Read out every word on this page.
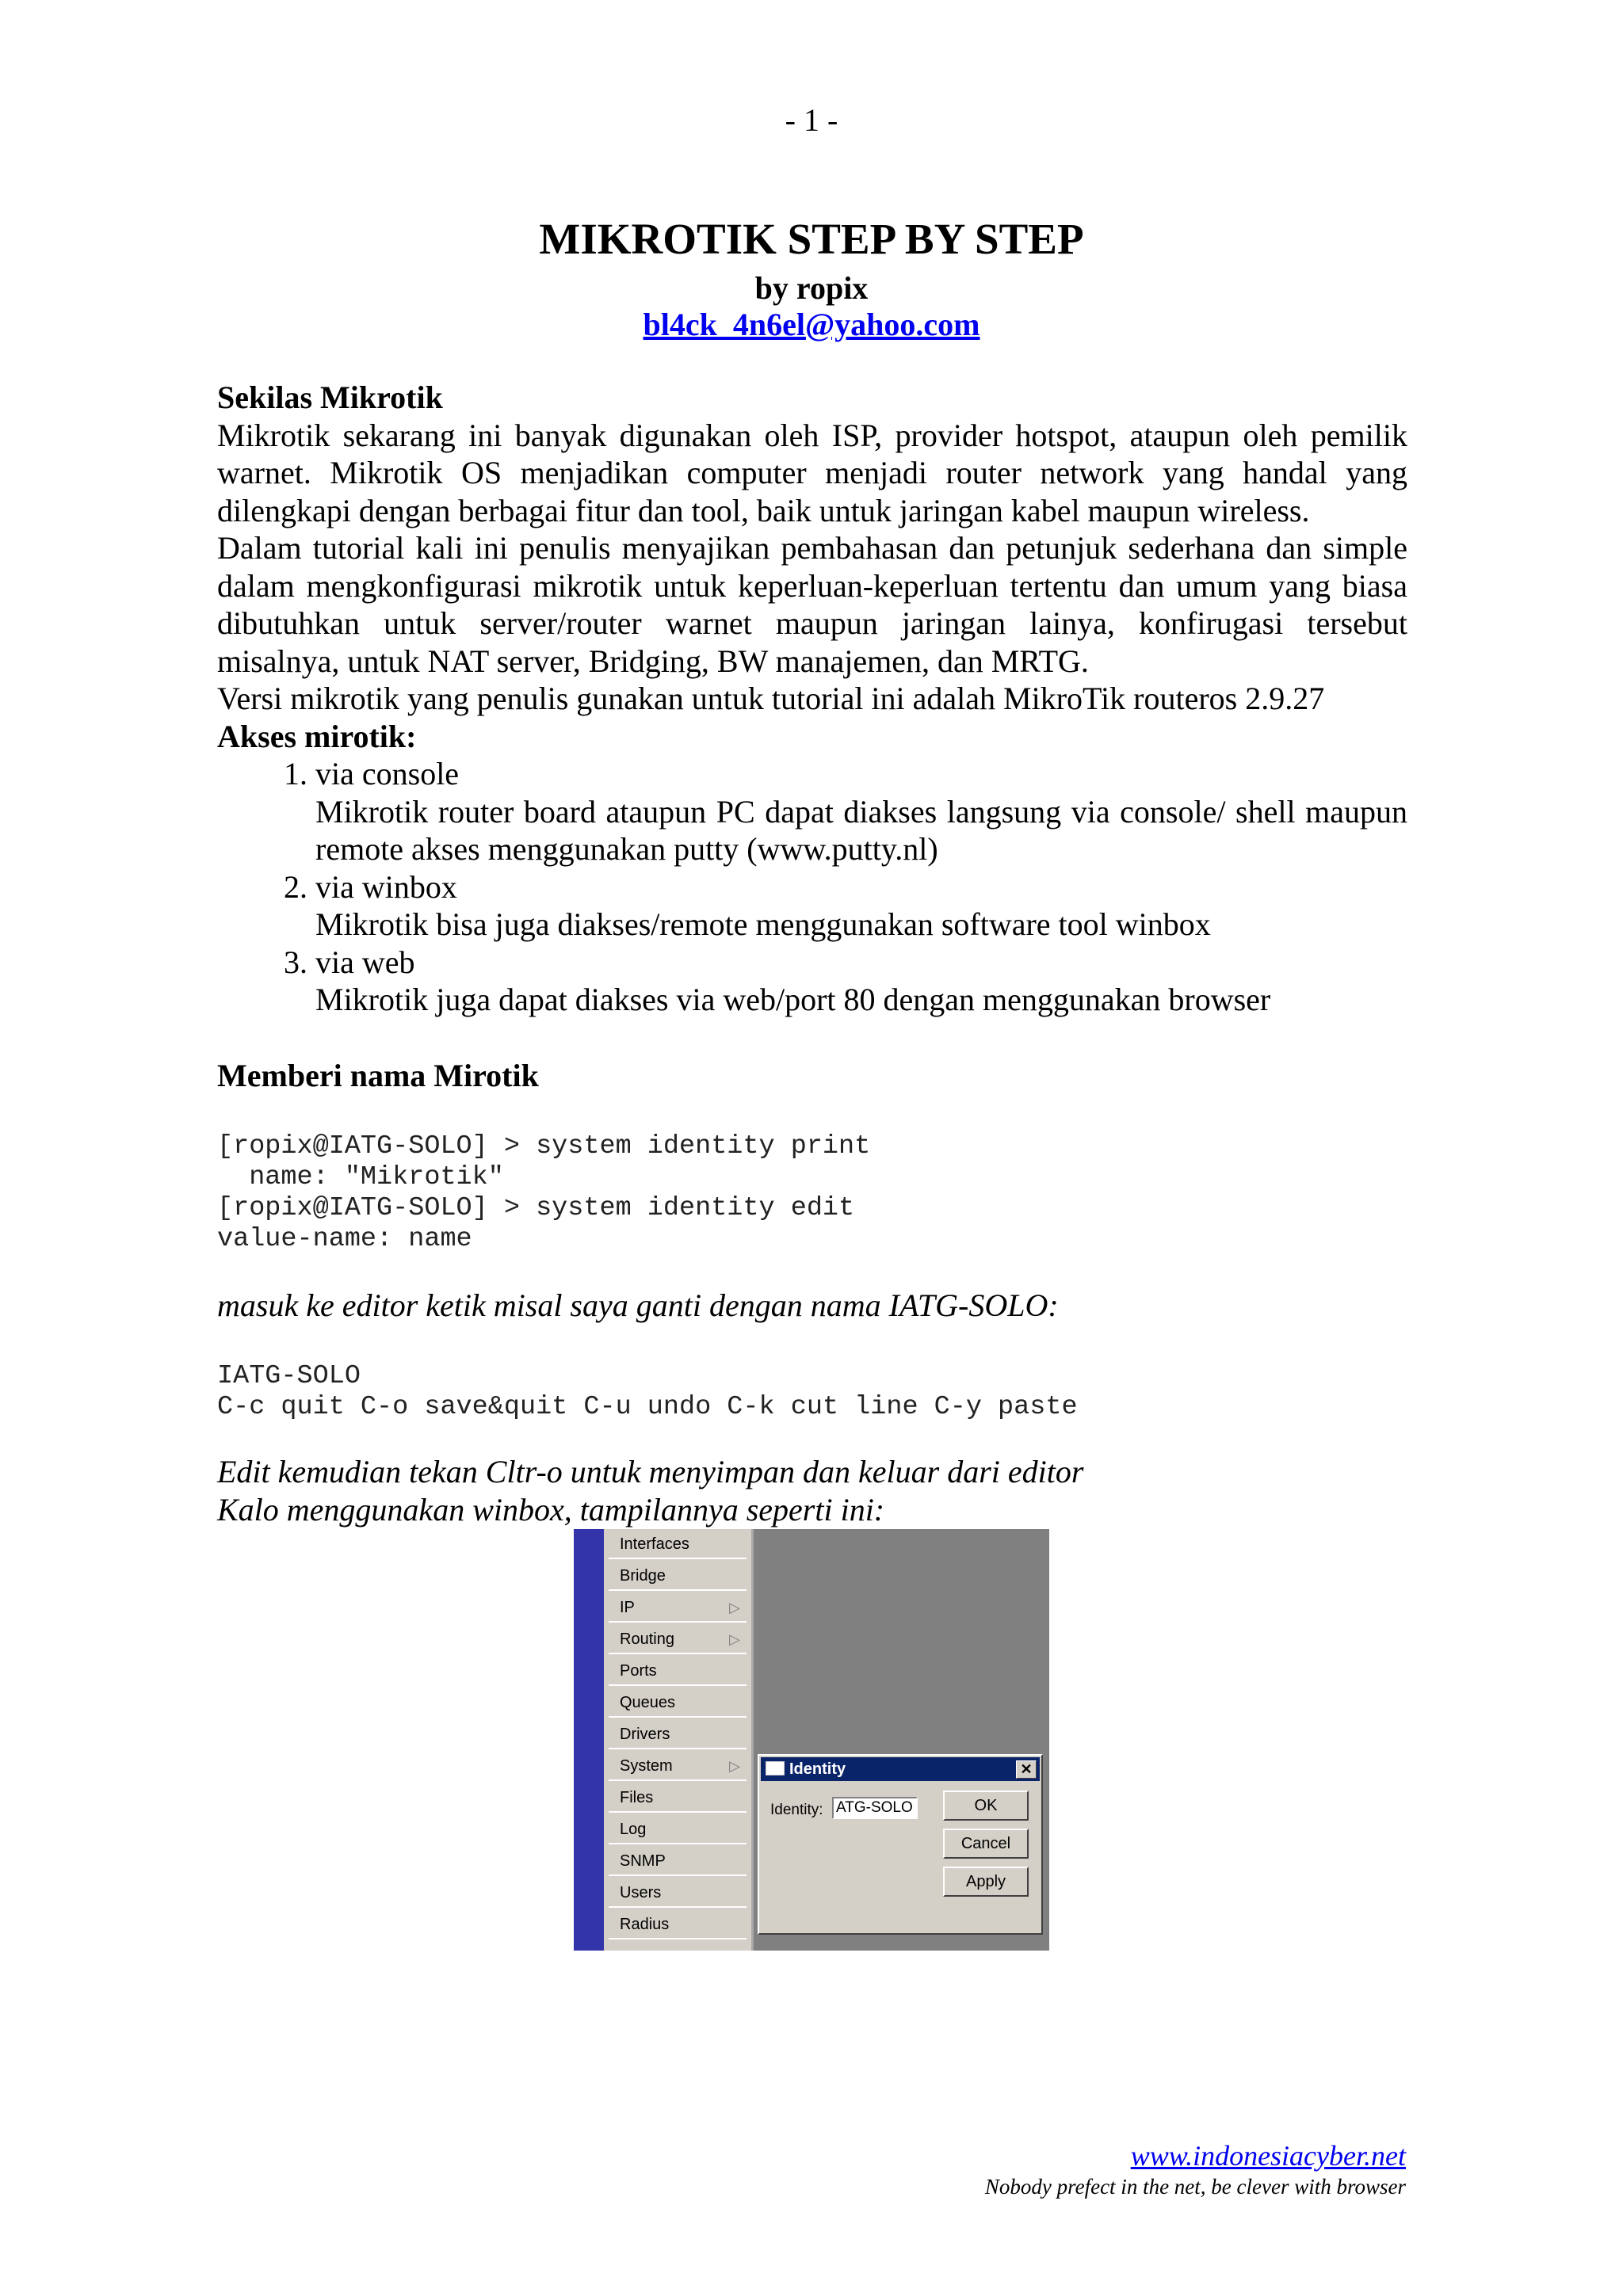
- 1 -
MIKROTIK STEP BY STEP
by ropix
bl4ck_4n6el@yahoo.com
Sekilas Mikrotik
Mikrotik sekarang ini banyak digunakan oleh ISP, provider hotspot, ataupun oleh pemilik warnet. Mikrotik OS menjadikan computer menjadi router network yang handal yang dilengkapi dengan berbagai fitur dan tool, baik untuk jaringan kabel maupun wireless.
Dalam tutorial kali ini penulis menyajikan pembahasan dan petunjuk sederhana dan simple dalam mengkonfigurasi mikrotik untuk keperluan-keperluan tertentu dan umum yang biasa dibutuhkan untuk server/router warnet maupun jaringan lainya, konfirugasi tersebut misalnya, untuk NAT server, Bridging, BW manajemen, dan MRTG.
Versi mikrotik yang penulis gunakan untuk tutorial ini adalah MikroTik routeros 2.9.27
Akses mirotik:
1. via console
Mikrotik router board ataupun PC dapat diakses langsung via console/ shell maupun remote akses menggunakan putty (www.putty.nl)
2. via winbox
Mikrotik bisa juga diakses/remote menggunakan software tool winbox
3. via web
Mikrotik juga dapat diakses via web/port 80 dengan menggunakan browser
Memberi nama Mirotik
[ropix@IATG-SOLO] > system identity print
name: "Mikrotik"
[ropix@IATG-SOLO] > system identity edit
value-name: name
masuk ke editor ketik misal saya ganti dengan nama IATG-SOLO:
IATG-SOLO
C-c quit C-o save&quit C-u undo C-k cut line C-y paste
Edit kemudian tekan Cltr-o untuk menyimpan dan keluar dari editor
Kalo menggunakan winbox, tampilannya seperti ini:
Interfaces
Bridge
IP	▷
Routing	▷
Ports
Queues
Drivers
System	▷
Files
Log
SNMP
Users
Radius
Identity	✕
Identity: ATG-SOLO	OK
Cancel
Apply
www.indonesiacyber.net
Nobody prefect in the net, be clever with browser
